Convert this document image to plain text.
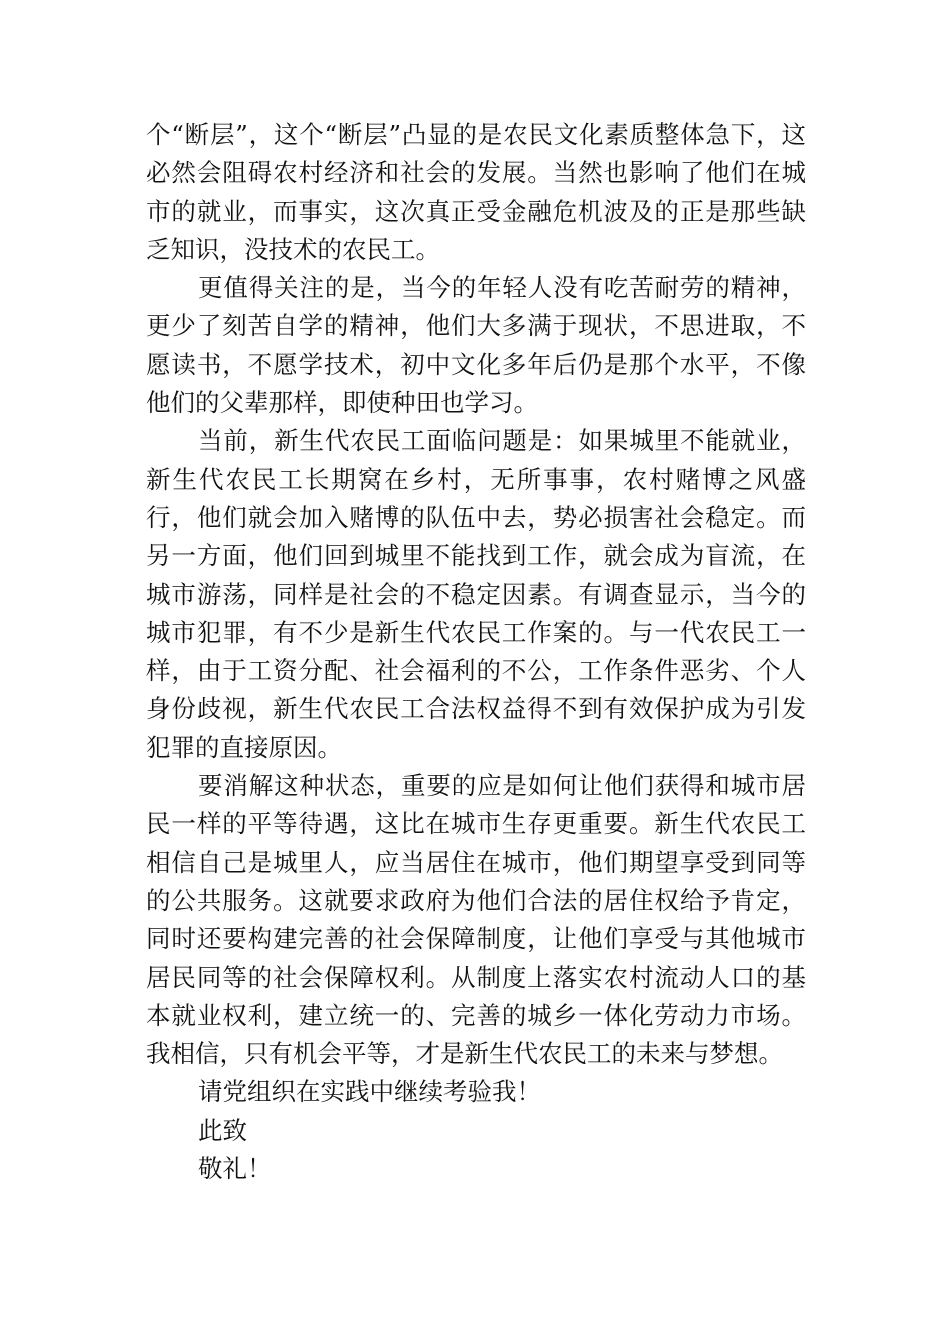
个“断层”，这个“断层”凸显的是农民文化素质整体急下，这必然会阻碍农村经济和社会的发展。当然也影响了他们在城市的就业，而事实，这次真正受金融危机波及的正是那些缺乏知识，没技术的农民工。

更值得关注的是，当今的年轻人没有吃苦耐劳的精神，更少了刻苦自学的精神，他们大多满于现状，不思进取，不愿读书，不愿学技术，初中文化多年后仍是那个水平，不像他们的父辈那样，即使种田也学习。

当前，新生代农民工面临问题是：如果城里不能就业，新生代农民工长期窝在乡村，无所事事，农村赌博之风盛行，他们就会加入赌博的队伍中去，势必损害社会稳定。而另一方面，他们回到城里不能找到工作，就会成为盲流，在城市游荡，同样是社会的不稳定因素。有调查显示，当今的城市犯罪，有不少是新生代农民工作案的。与一代农民工一样，由于工资分配、社会福利的不公，工作条件恶劣、个人身份歧视，新生代农民工合法权益得不到有效保护成为引发犯罪的直接原因。

要消解这种状态，重要的应是如何让他们获得和城市居民一样的平等待遇，这比在城市生存更重要。新生代农民工相信自己是城里人，应当居住在城市，他们期望享受到同等的公共服务。这就要求政府为他们合法的居住权给予肯定，同时还要构建完善的社会保障制度，让他们享受与其他城市居民同等的社会保障权利。从制度上落实农村流动人口的基本就业权利，建立统一的、完善的城乡一体化劳动力市场。我相信，只有机会平等，才是新生代农民工的未来与梦想。

请党组织在实践中继续考验我！

此致

敬礼！
